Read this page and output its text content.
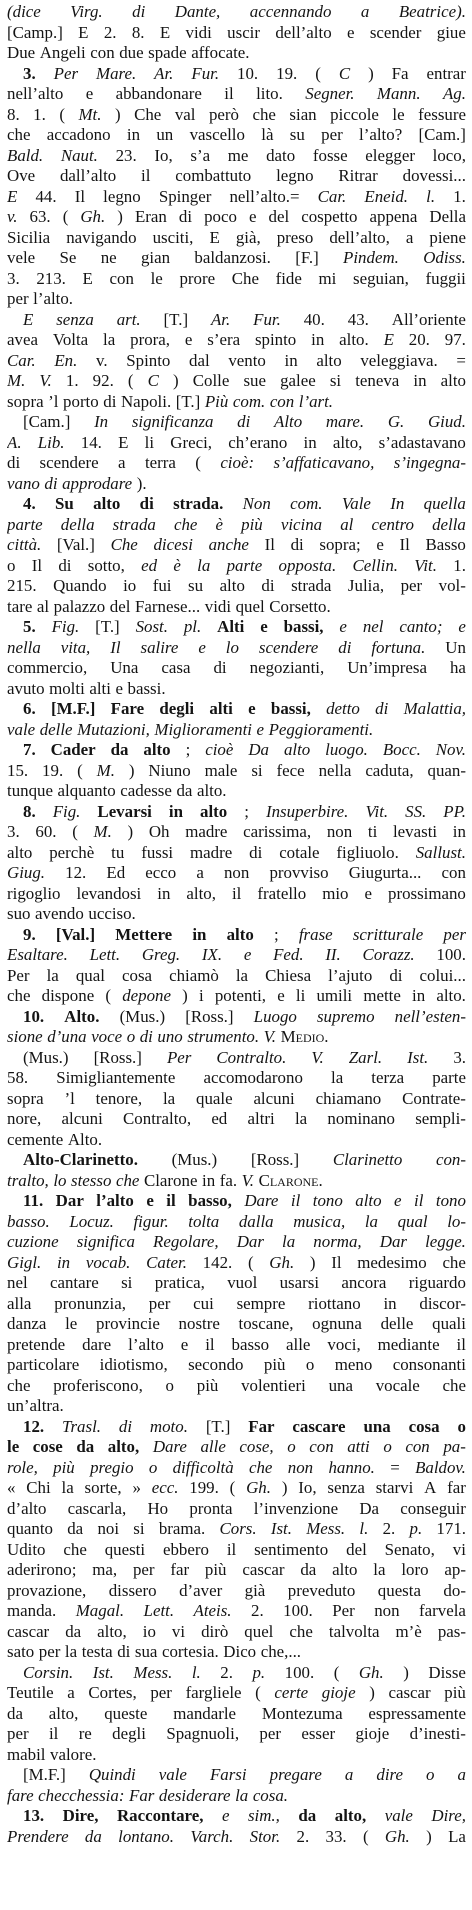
(dice Virg. di Dante, accennando a Beatrice).
[Camp.] E 2. 8. E vidi uscir dell’alto e scender giue
Due Angeli con due spade affocate.
3. Per Mare. Ar. Fur. 10. 19. ( C ) Fa entrar
nell’alto e abbandonare il lito. Segner. Mann. Ag.
8. 1. ( Mt. ) Che val però che sian piccole le fessure
che accadono in un vascello là su per l’alto? [Cam.]
Bald. Naut. 23. Io, s’a me dato fosse elegger loco,
Ove dall’alto il combattuto legno Ritrar dovessi...
E 44. Il legno Spinger nell’alto.= Car. Eneid. l. 1.
v. 63. ( Gh. ) Eran di poco e del cospetto appena Della
Sicilia navigando usciti, E già, preso dell’alto, a piene
vele Se ne gian baldanzosi. [F.] Pindem. Odiss.
3. 213. E con le prore Che fide mi seguian, fuggii
per l’alto.
E senza art. [T.] Ar. Fur. 40. 43. All’oriente
avea Volta la prora, e s’era spinto in alto. E 20. 97.
Car. En. v. Spinto dal vento in alto veleggiava. =
M. V. 1. 92. ( C ) Colle sue galee si teneva in alto
sopra ’l porto di Napoli. [T.] Più com. con l’art.
[Cam.] In significanza di Alto mare. G. Giud.
A. Lib. 14. E li Greci, ch’erano in alto, s’adastavano
di scendere a terra ( cioè: s’affaticavano, s’ingegna-
vano di approdare ).
4. Su alto di strada. Non com. Vale In quella
parte della strada che è più vicina al centro della
città. [Val.] Che dicesi anche Il di sopra; e Il Basso
o Il di sotto, ed è la parte opposta. Cellin. Vit. 1.
215. Quando io fui su alto di strada Julia, per vol-
tare al palazzo del Farnese... vidi quel Corsetto.
5. Fig. [T.] Sost. pl. Alti e bassi, e nel canto; e
nella vita, Il salire e lo scendere di fortuna. Un
commercio, Una casa di negozianti, Un’impresa ha
avuto molti alti e bassi.
6. [M.F.] Fare degli alti e bassi, detto di Malattia,
vale delle Mutazioni, Miglioramenti e Peggioramenti.
7. Cader da alto ; cioè Da alto luogo. Bocc. Nov.
15. 19. ( M. ) Niuno male si fece nella caduta, quan-
tunque alquanto cadesse da alto.
8. Fig. Levarsi in alto ; Insuperbire. Vit. SS. PP.
3. 60. ( M. ) Oh madre carissima, non ti levasti in
alto perchè tu fussi madre di cotale figliuolo. Sallust.
Giug. 12. Ed ecco a non provviso Giugurta... con
rigoglio levandosi in alto, il fratello mio e prossimano
suo avendo ucciso.
9. [Val.] Mettere in alto ; frase scritturale per
Esaltare. Lett. Greg. IX. e Fed. II. Corazz. 100.
Per la qual cosa chiamò la Chiesa l’ajuto di colui...
che dispone ( depone ) i potenti, e li umili mette in alto.
10. Alto. (Mus.) [Ross.] Luogo supremo nell’esten-
sione d’una voce o di uno strumento. V. Medio.
(Mus.) [Ross.] Per Contralto. V. Zarl. Ist. 3.
58. Simigliantemente accomodarono la terza parte
sopra ’l tenore, la quale alcuni chiamano Contrate-
nore, alcuni Contralto, ed altri la nominano sempli-
cemente Alto.
Alto-Clarinetto. (Mus.) [Ross.] Clarinetto con-
tralto, lo stesso che Clarone in fa. V. Clarone.
11. Dar l’alto e il basso, Dare il tono alto e il tono
basso. Locuz. figur. tolta dalla musica, la qual lo-
cuzione significa Regolare, Dar la norma, Dar legge.
Gigl. in vocab. Cater. 142. ( Gh. ) Il medesimo che
nel cantare si pratica, vuol usarsi ancora riguardo
alla pronunzia, per cui sempre riottano in discor-
danza le provincie nostre toscane, ognuna delle quali
pretende dare l’alto e il basso alle voci, mediante il
particolare idiotismo, secondo più o meno consonanti
che proferiscono, o più volentieri una vocale che
un’altra.
12. Trasl. di moto. [T.] Far cascare una cosa o
le cose da alto, Dare alle cose, o con atti o con pa-
role, più pregio o difficoltà che non hanno. = Baldov.
« Chi la sorte, » ecc. 199. ( Gh. ) Io, senza starvi A far
d’alto cascarla, Ho pronta l’invenzione Da conseguir
quanto da noi si brama. Cors. Ist. Mess. l. 2. p. 171.
Udito che questi ebbero il sentimento del Senato, vi
aderirono; ma, per far più cascar da alto la loro ap-
provazione, dissero d’aver già preveduto questa do-
manda. Magal. Lett. Ateis. 2. 100. Per non farvela
cascar da alto, io vi dirò quel che talvolta m’è pas-
sato per la testa di sua cortesia. Dico che,...
Corsin. Ist. Mess. l. 2. p. 100. ( Gh. ) Disse
Teutile a Cortes, per fargliele ( certe gioje ) cascar più
da alto, queste mandarle Montezuma espressamente
per il re degli Spagnuoli, per esser gioje d’inesti-
mabil valore.
[M.F.] Quindi vale Farsi pregare a dire o a
fare checchessia: Far desiderare la cosa.
13. Dire, Raccontare, e sim., da alto, vale Dire,
Prendere da lontano. Varch. Stor. 2. 33. ( Gh. ) La
